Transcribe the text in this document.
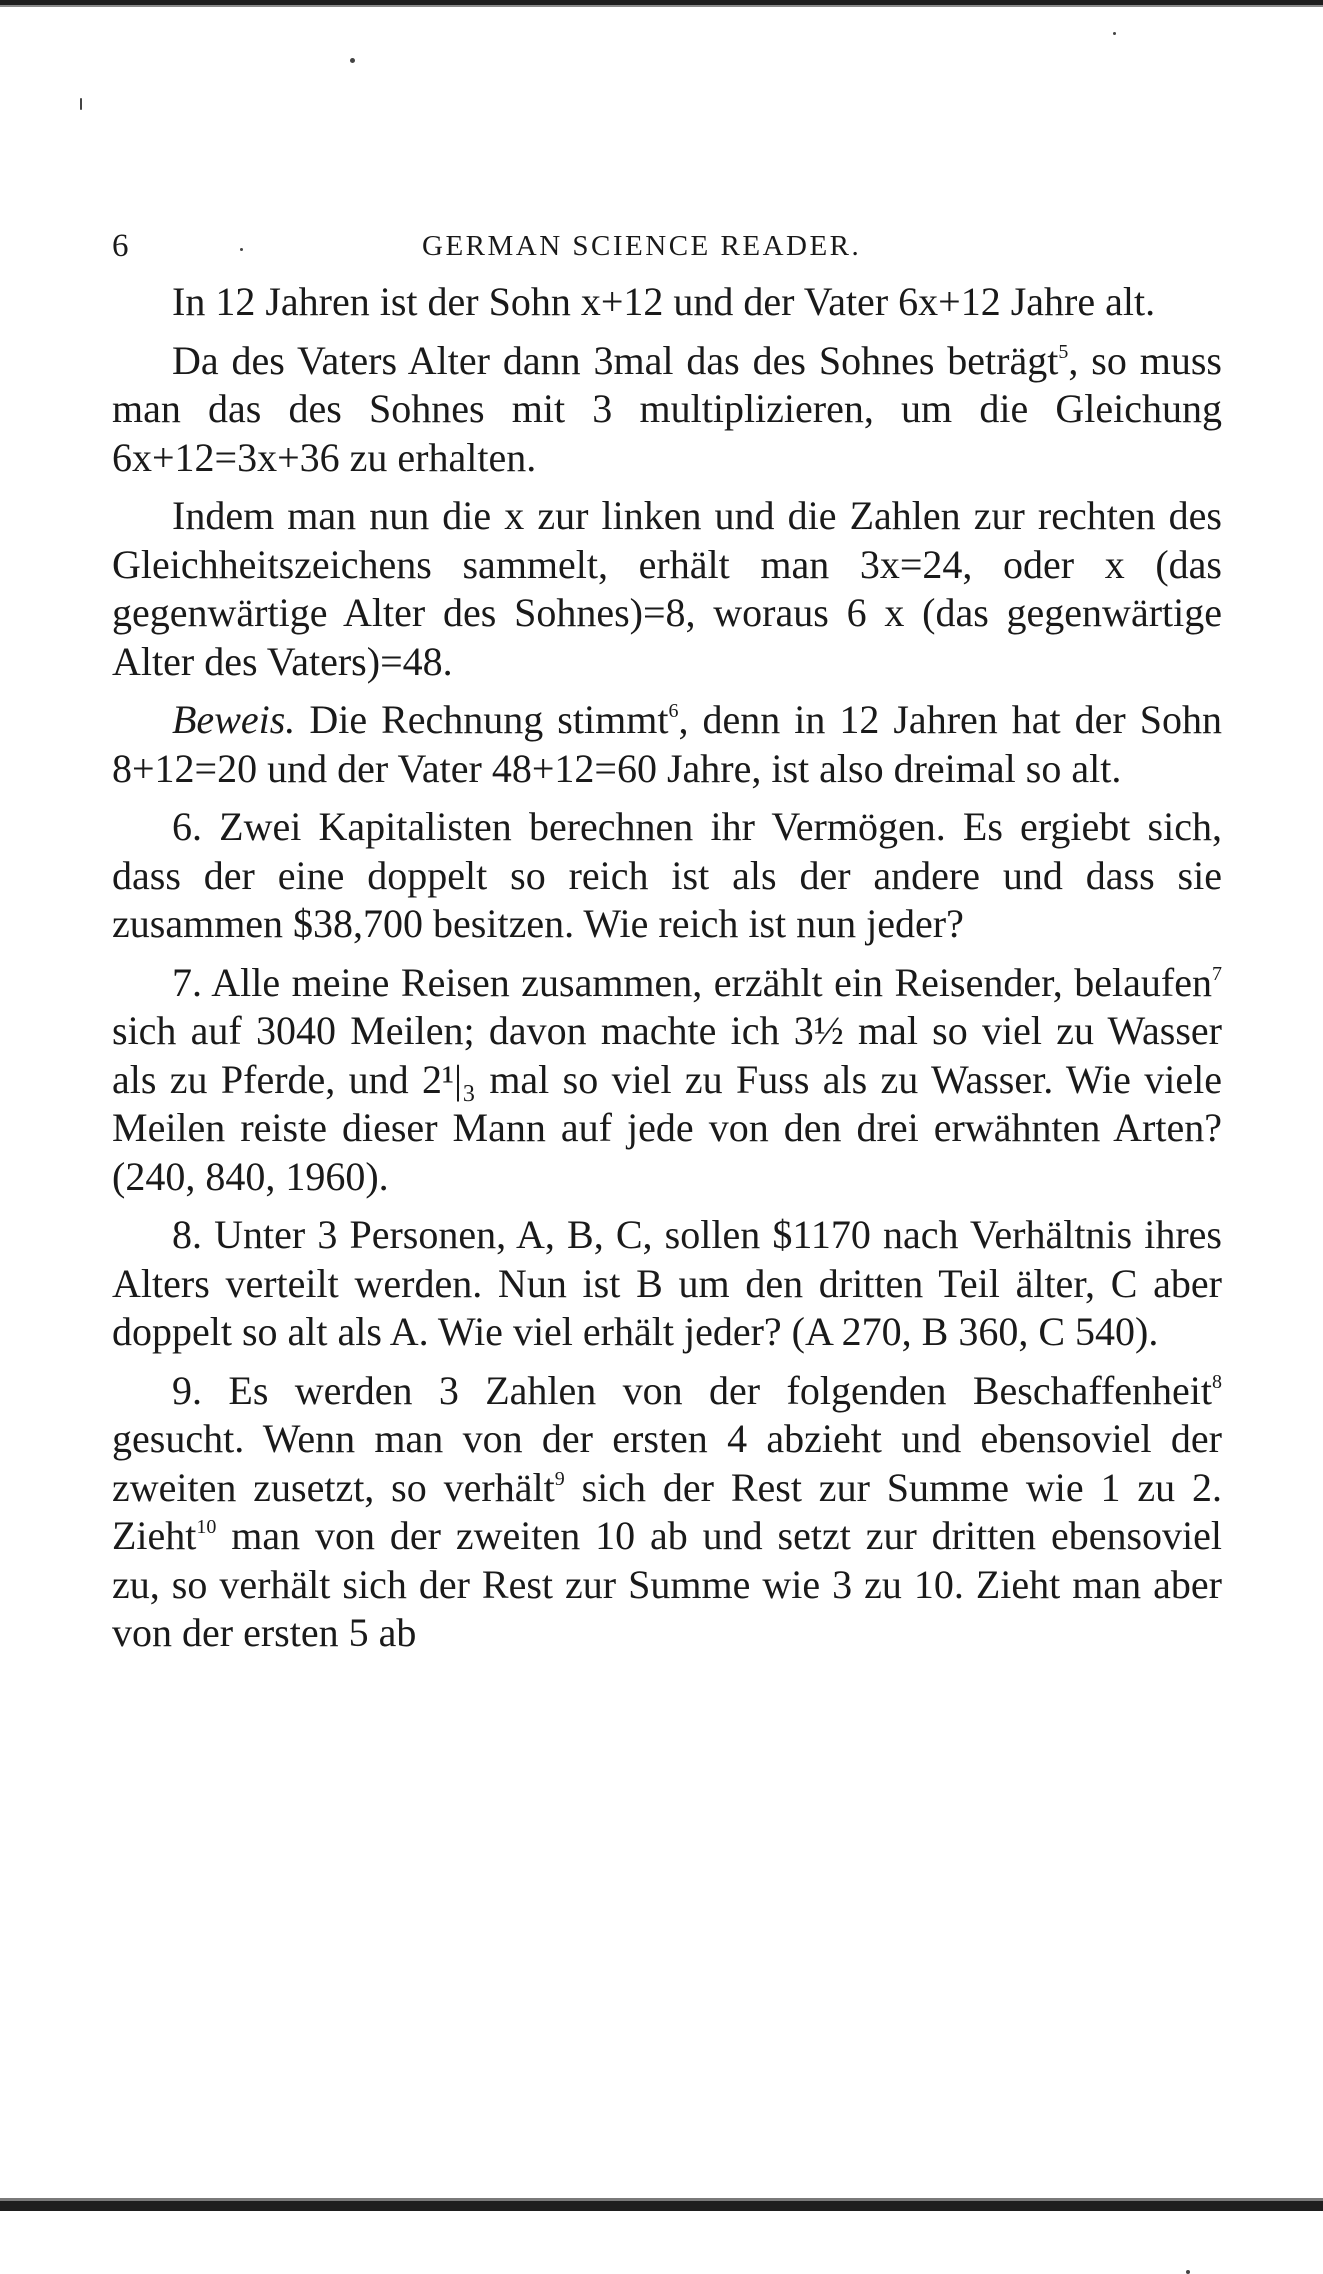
6	GERMAN SCIENCE READER.

In 12 Jahren ist der Sohn x+12 und der Vater 6x+12 Jahre alt.

Da des Vaters Alter dann 3mal das des Sohnes beträgt$^5$, so muss man das des Sohnes mit 3 multiplizieren, um die Gleichung 6x+12=3x+36 zu erhalten.

Indem man nun die x zur linken und die Zahlen zur rechten des Gleichheitszeichens sammelt, erhält man 3x=24, oder x (das gegenwärtige Alter des Sohnes)=8, woraus 6 x (das gegenwärtige Alter des Vaters)=48.

Beweis. Die Rechnung stimmt$^6$, denn in 12 Jahren hat der Sohn 8+12=20 und der Vater 48+12=60 Jahre, ist also dreimal so alt.

6. Zwei Kapitalisten berechnen ihr Vermögen. Es ergiebt sich, dass der eine doppelt so reich ist als der andere und dass sie zusammen $38,700 besitzen. Wie reich ist nun jeder?

7. Alle meine Reisen zusammen, erzählt ein Reisender, belaufen$^7$ sich auf 3040 Meilen; davon machte ich 3½ mal so viel zu Wasser als zu Pferde, und 2¹|₃ mal so viel zu Fuss als zu Wasser. Wie viele Meilen reiste dieser Mann auf jede von den drei erwähnten Arten? (240, 840, 1960).

8. Unter 3 Personen, A, B, C, sollen $1170 nach Verhältnis ihres Alters verteilt werden. Nun ist B um den dritten Teil älter, C aber doppelt so alt als A. Wie viel erhält jeder? (A 270, B 360, C 540).

9. Es werden 3 Zahlen von der folgenden Beschaffenheit$^8$ gesucht. Wenn man von der ersten 4 abzieht und ebensoviel der zweiten zusetzt, so verhält$^9$ sich der Rest zur Summe wie 1 zu 2. Zieht$^{10}$ man von der zweiten 10 ab und setzt zur dritten ebensoviel zu, so verhält sich der Rest zur Summe wie 3 zu 10. Zieht man aber von der ersten 5 ab
